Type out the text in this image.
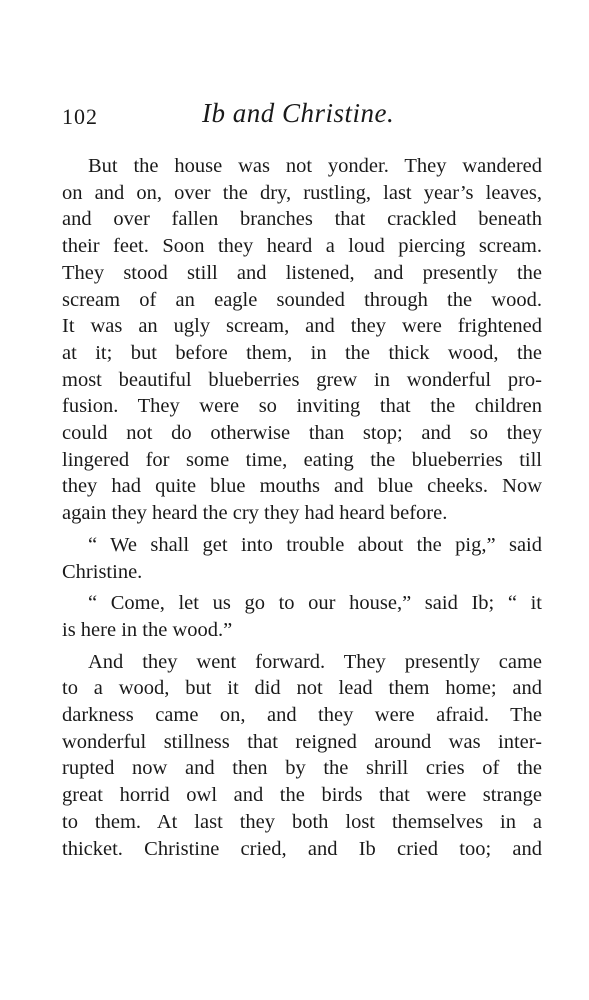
102	Ib and Christine.

But the house was not yonder. They wandered
on and on, over the dry, rustling, last year’s leaves,
and over fallen branches that crackled beneath
their feet. Soon they heard a loud piercing scream.
They stood still and listened, and presently the
scream of an eagle sounded through the wood.
It was an ugly scream, and they were frightened
at it; but before them, in the thick wood, the
most beautiful blueberries grew in wonderful pro-
fusion. They were so inviting that the children
could not do otherwise than stop; and so they
lingered for some time, eating the blueberries till
they had quite blue mouths and blue cheeks. Now
again they heard the cry they had heard before.

“ We shall get into trouble about the pig,” said
Christine.

“ Come, let us go to our house,” said Ib; “ it
is here in the wood.”

And they went forward. They presently came
to a wood, but it did not lead them home; and
darkness came on, and they were afraid. The
wonderful stillness that reigned around was inter-
rupted now and then by the shrill cries of the
great horrid owl and the birds that were strange
to them. At last they both lost themselves in a
thicket. Christine cried, and Ib cried too; and
